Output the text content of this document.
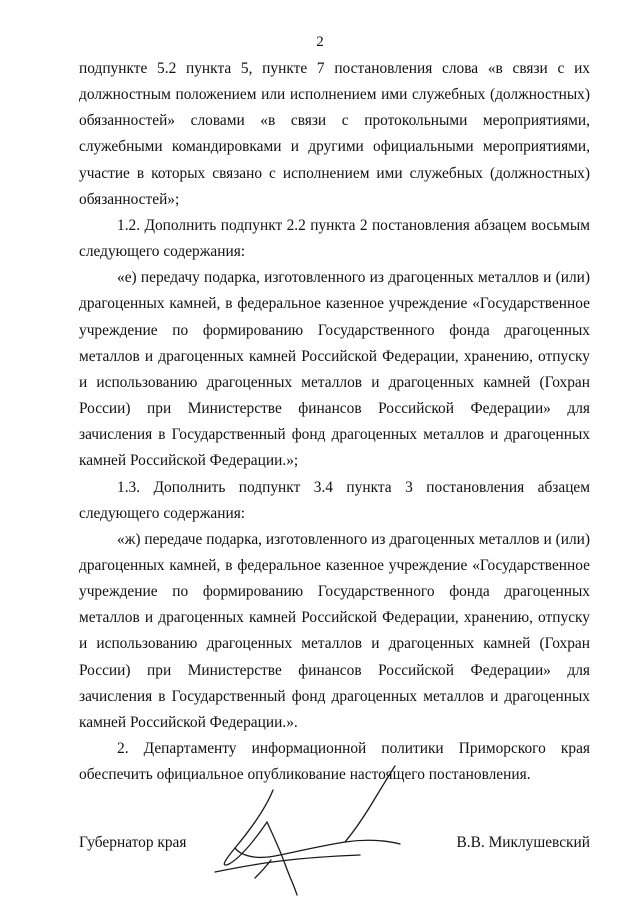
2

подпункте 5.2 пункта 5, пункте 7 постановления слова «в связи с их должностным положением или исполнением ими служебных (должностных) обязанностей» словами «в связи с протокольными мероприятиями, служебными командировками и другими официальными мероприятиями, участие в которых связано с исполнением ими служебных (должностных) обязанностей»;

1.2. Дополнить подпункт 2.2 пункта 2 постановления абзацем восьмым следующего содержания:

«е) передачу подарка, изготовленного из драгоценных металлов и (или) драгоценных камней, в федеральное казенное учреждение «Государственное учреждение по формированию Государственного фонда драгоценных металлов и драгоценных камней Российской Федерации, хранению, отпуску и использованию драгоценных металлов и драгоценных камней (Гохран России) при Министерстве финансов Российской Федерации» для зачисления в Государственный фонд драгоценных металлов и драгоценных камней Российской Федерации.»;

1.3. Дополнить подпункт 3.4 пункта 3 постановления абзацем следующего содержания:

«ж) передаче подарка, изготовленного из драгоценных металлов и (или) драгоценных камней, в федеральное казенное учреждение «Государственное учреждение по формированию Государственного фонда драгоценных металлов и драгоценных камней Российской Федерации, хранению, отпуску и использованию драгоценных металлов и драгоценных камней (Гохран России) при Министерстве финансов Российской Федерации» для зачисления в Государственный фонд драгоценных металлов и драгоценных камней Российской Федерации.».

2. Департаменту информационной политики Приморского края обеспечить официальное опубликование настоящего постановления.

Губернатор края	В.В. Миклушевский
